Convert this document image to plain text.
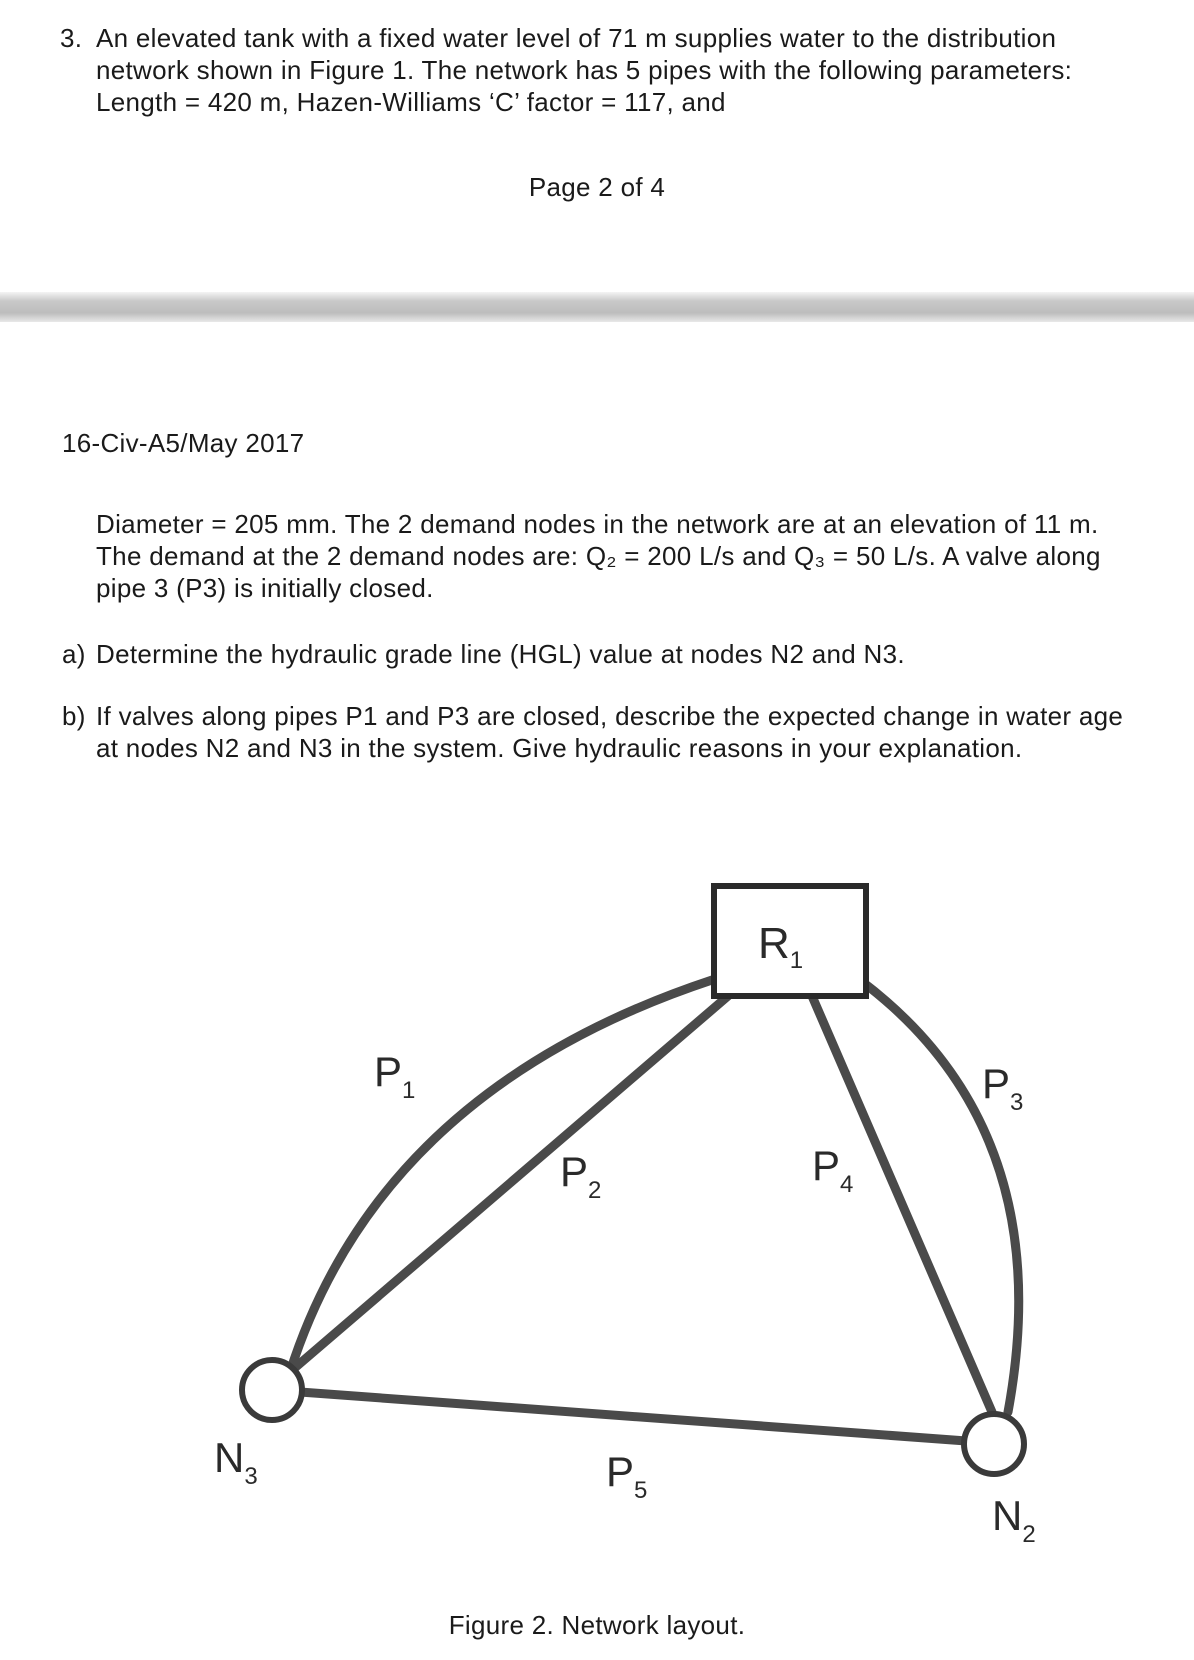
3. An elevated tank with a fixed water level of 71 m supplies water to the distribution network shown in Figure 1. The network has 5 pipes with the following parameters: Length = 420 m, Hazen-Williams ‘C’ factor = 117, and
Page 2 of 4
16-Civ-A5/May 2017
Diameter = 205 mm. The 2 demand nodes in the network are at an elevation of 11 m. The demand at the 2 demand nodes are: Q₂ = 200 L/s and Q₃ = 50 L/s. A valve along pipe 3 (P3) is initially closed.
a) Determine the hydraulic grade line (HGL) value at nodes N2 and N3.
b) If valves along pipes P1 and P3 are closed, describe the expected change in water age at nodes N2 and N3 in the system. Give hydraulic reasons in your explanation.
$R_1$
$P_1$
$P_2$
$P_3$
$P_4$
$P_5$
$N_3$
$N_2$
Figure 2. Network layout.
